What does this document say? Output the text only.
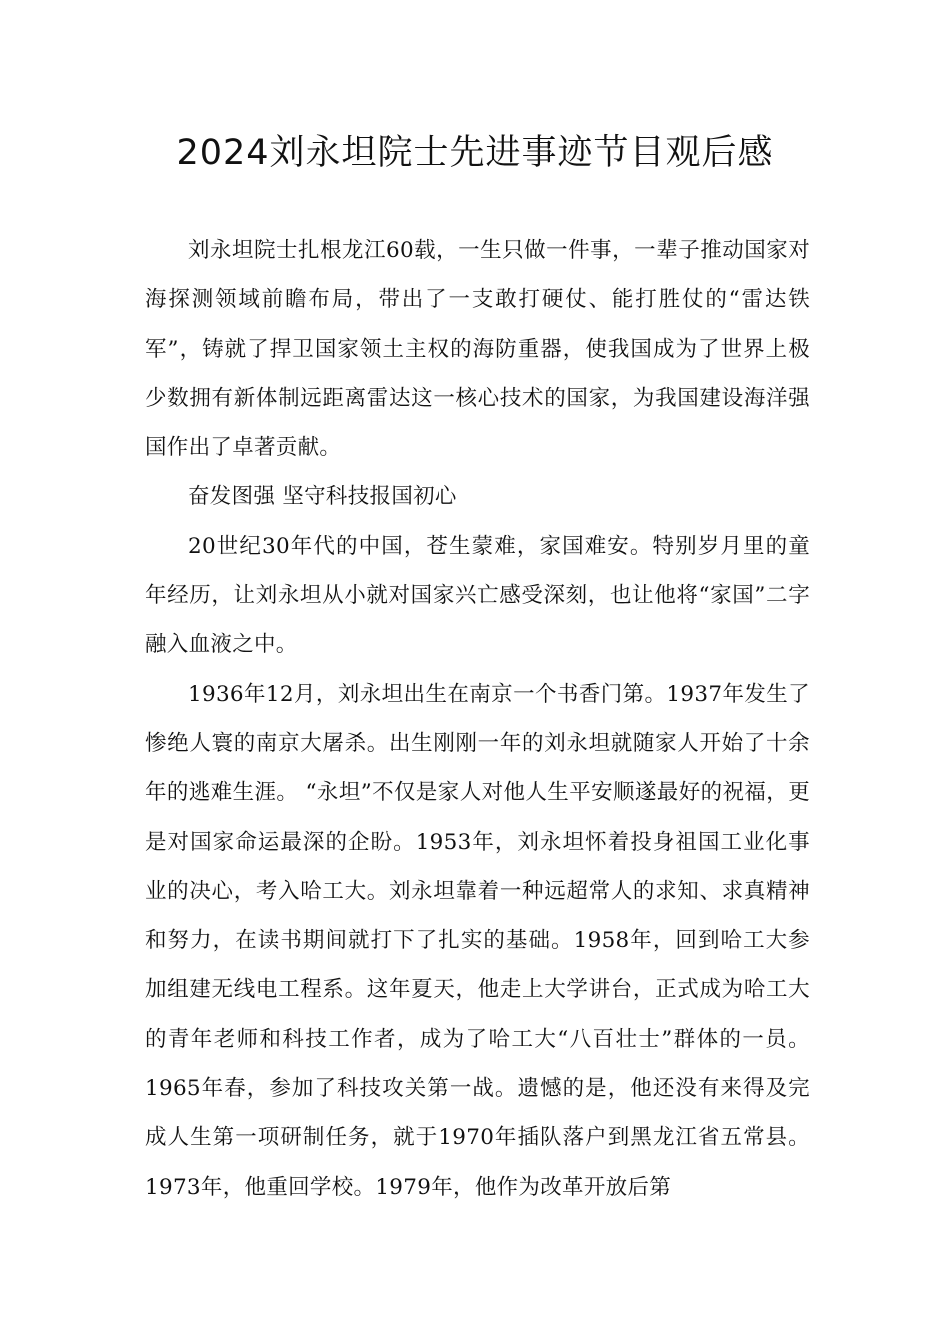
2024刘永坦院士先进事迹节目观后感

刘永坦院士扎根龙江60载，一生只做一件事，一辈子推动国家对海探测领域前瞻布局，带出了一支敢打硬仗、能打胜仗的“雷达铁军”，铸就了捍卫国家领土主权的海防重器，使我国成为了世界上极少数拥有新体制远距离雷达这一核心技术的国家，为我国建设海洋强国作出了卓著贡献。

奋发图强 坚守科技报国初心

20世纪30年代的中国，苍生蒙难，家国难安。特别岁月里的童年经历，让刘永坦从小就对国家兴亡感受深刻，也让他将“家国”二字融入血液之中。

1936年12月，刘永坦出生在南京一个书香门第。1937年发生了惨绝人寰的南京大屠杀。出生刚刚一年的刘永坦就随家人开始了十余年的逃难生涯。 “永坦”不仅是家人对他人生平安顺遂最好的祝福，更是对国家命运最深的企盼。1953年，刘永坦怀着投身祖国工业化事业的决心，考入哈工大。刘永坦靠着一种远超常人的求知、求真精神和努力，在读书期间就打下了扎实的基础。1958年，回到哈工大参加组建无线电工程系。这年夏天，他走上大学讲台，正式成为哈工大的青年老师和科技工作者，成为了哈工大“八百壮士”群体的一员。1965年春，参加了科技攻关第一战。遗憾的是，他还没有来得及完成人生第一项研制任务，就于1970年插队落户到黑龙江省五常县。1973年，他重回学校。1979年，他作为改革开放后第
